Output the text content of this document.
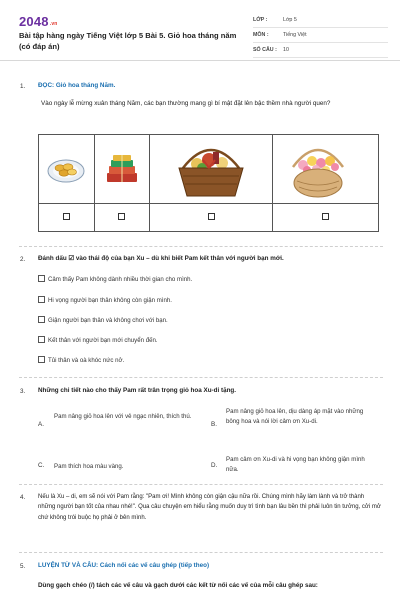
2048.vn
Bài tập hàng ngày Tiếng Việt lớp 5 Bài 5. Giỏ hoa tháng năm (có đáp án)
LỚP :	Lớp 5
MÔN :	Tiếng Việt
SỐ CÂU : 10
1. ĐỌC: Giỏ hoa tháng Năm.
Vào ngày lễ mừng xuân tháng Năm, các bạn thường mang gì bí mật đặt lên bậc thềm nhà người quen?
2. Đánh dấu ☑ vào thái độ của bạn Xu – dù khi biết Pam kết thân với người bạn mới.
Cảm thấy Pam không dành nhiều thời gian cho mình.
Hi vọng người bạn thân không còn giận mình.
Giận người bạn thân và không chơi với bạn.
Kết thân với người bạn mới chuyển đến.
Tủi thân và oà khóc nức nở.
3. Những chi tiết nào cho thấy Pam rất trân trọng giỏ hoa Xu-di tặng.
A.
Pam nâng giỏ hoa lên với vẻ ngạc nhiên, thích thú.
B.
Pam nâng giỏ hoa lên, dịu dàng áp mặt vào những bông hoa và nói lời cảm ơn Xu-di.
C. Pam thích hoa màu vàng.	D.
Pam cảm ơn Xu-di và hi vọng bạn không giận mình nữa.
4. Nếu là Xu – di, em sẽ nói với Pam rằng: "Pam ơi! Mình không còn giận cậu nữa rồi. Chúng mình hãy làm lành và trở thành những người bạn tốt của nhau nhé!". Qua câu chuyện em hiểu rằng muốn duy trì tình bạn lâu bền thì phải luôn tin tưởng, cởi mở chứ không trói buộc họ phải ở bên mình.
5. LUYỆN TỪ VÀ CÂU: Cách nối các vế câu ghép (tiếp theo)
Dùng gạch chéo (/) tách các vế câu và gạch dưới các kết từ nối các vế của mỗi câu ghép sau:
